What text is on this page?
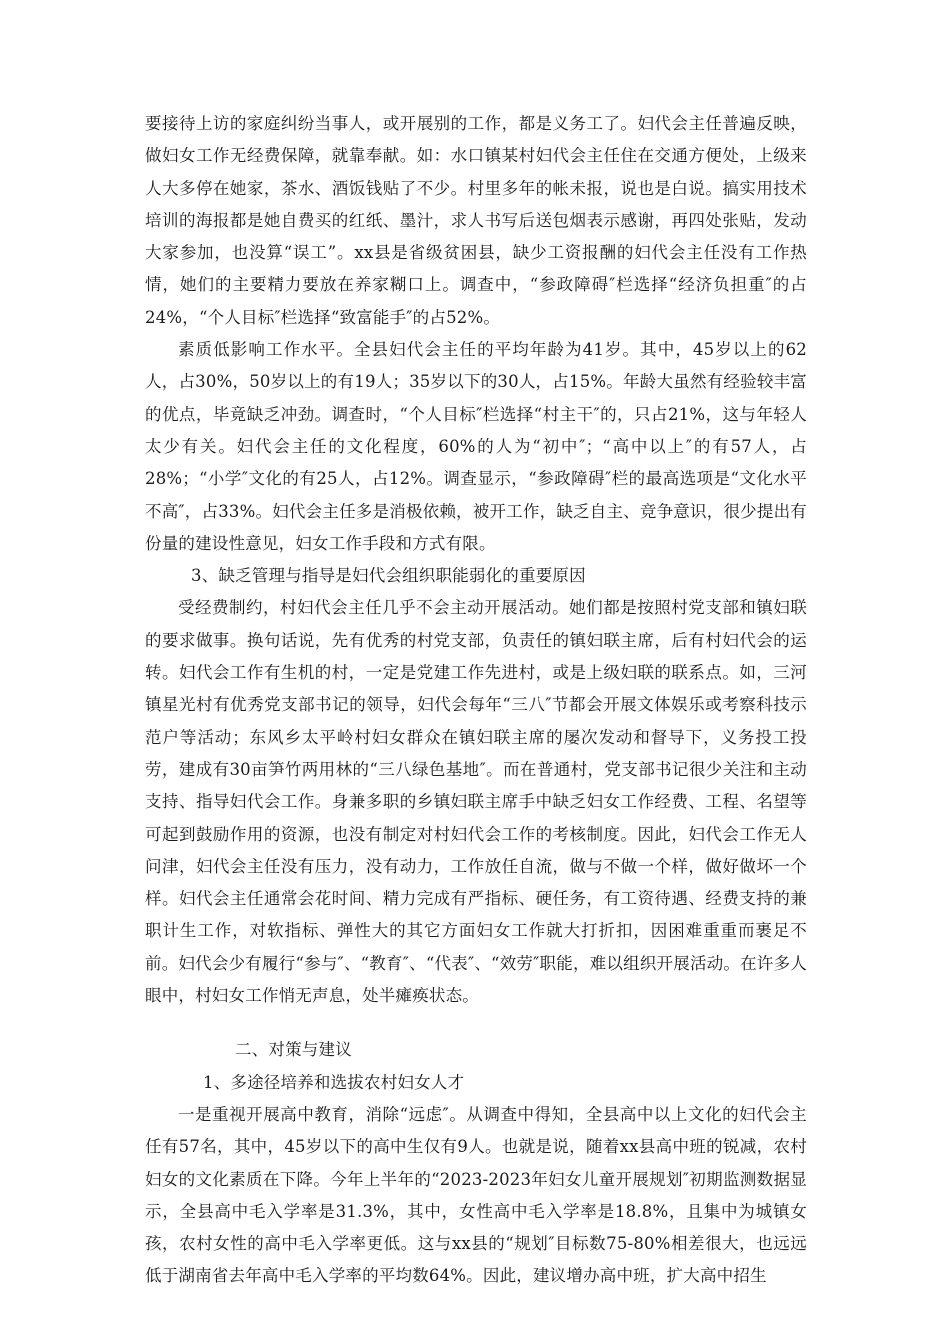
要接待上访的家庭纠纷当事人，或开展别的工作，都是义务工了。妇代会主任普遍反映，做妇女工作无经费保障，就靠奉献。如：水口镇某村妇代会主任住在交通方便处，上级来人大多停在她家，茶水、酒饭钱贴了不少。村里多年的帐未报，说也是白说。搞实用技术培训的海报都是她自费买的红纸、墨汁，求人书写后送包烟表示感谢，再四处张贴，发动大家参加，也没算“误工”。xx县是省级贫困县，缺少工资报酬的妇代会主任没有工作热情，她们的主要精力要放在养家糊口上。调查中，“参政障碍″栏选择“经济负担重″的占24%，“个人目标″栏选择“致富能手″的占52%。

素质低影响工作水平。全县妇代会主任的平均年龄为41岁。其中，45岁以上的62人，占30%，50岁以上的有19人；35岁以下的30人，占15%。年龄大虽然有经验较丰富的优点，毕竟缺乏冲劲。调查时，“个人目标″栏选择“村主干″的，只占21%，这与年轻人太少有关。妇代会主任的文化程度，60%的人为“初中″；“高中以上″的有57人，占28%；“小学″文化的有25人，占12%。调查显示，“参政障碍″栏的最高选项是“文化水平不高″，占33%。妇代会主任多是消极依赖，被开工作，缺乏自主、竞争意识，很少提出有份量的建设性意见，妇女工作手段和方式有限。

3、缺乏管理与指导是妇代会组织职能弱化的重要原因

受经费制约，村妇代会主任几乎不会主动开展活动。她们都是按照村党支部和镇妇联的要求做事。换句话说，先有优秀的村党支部，负责任的镇妇联主席，后有村妇代会的运转。妇代会工作有生机的村，一定是党建工作先进村，或是上级妇联的联系点。如，三河镇星光村有优秀党支部书记的领导，妇代会每年“三八″节都会开展文体娱乐或考察科技示范户等活动；东风乡太平岭村妇女群众在镇妇联主席的屡次发动和督导下，义务投工投劳，建成有30亩笋竹两用林的“三八绿色基地″。而在普通村，党支部书记很少关注和主动支持、指导妇代会工作。身兼多职的乡镇妇联主席手中缺乏妇女工作经费、工程、名望等可起到鼓励作用的资源，也没有制定对村妇代会工作的考核制度。因此，妇代会工作无人问津，妇代会主任没有压力，没有动力，工作放任自流，做与不做一个样，做好做坏一个样。妇代会主任通常会花时间、精力完成有严指标、硬任务，有工资待遇、经费支持的兼职计生工作，对软指标、弹性大的其它方面妇女工作就大打折扣，因困难重重而裹足不前。妇代会少有履行“参与″、“教育″、“代表″、“效劳″职能，难以组织开展活动。在许多人眼中，村妇女工作悄无声息，处半瘫痪状态。

二、对策与建议

1、多途径培养和选拔农村妇女人才

一是重视开展高中教育，消除“远虑″。从调查中得知，全县高中以上文化的妇代会主任有57名，其中，45岁以下的高中生仅有9人。也就是说，随着xx县高中班的锐减，农村妇女的文化素质在下降。今年上半年的“2023-2023年妇女儿童开展规划″初期监测数据显示，全县高中毛入学率是31.3%，其中，女性高中毛入学率是18.8%，且集中为城镇女孩，农村女性的高中毛入学率更低。这与xx县的“规划″目标数75-80%相差很大，也远远低于湖南省去年高中毛入学率的平均数64%。因此，建议增办高中班，扩大高中招生
